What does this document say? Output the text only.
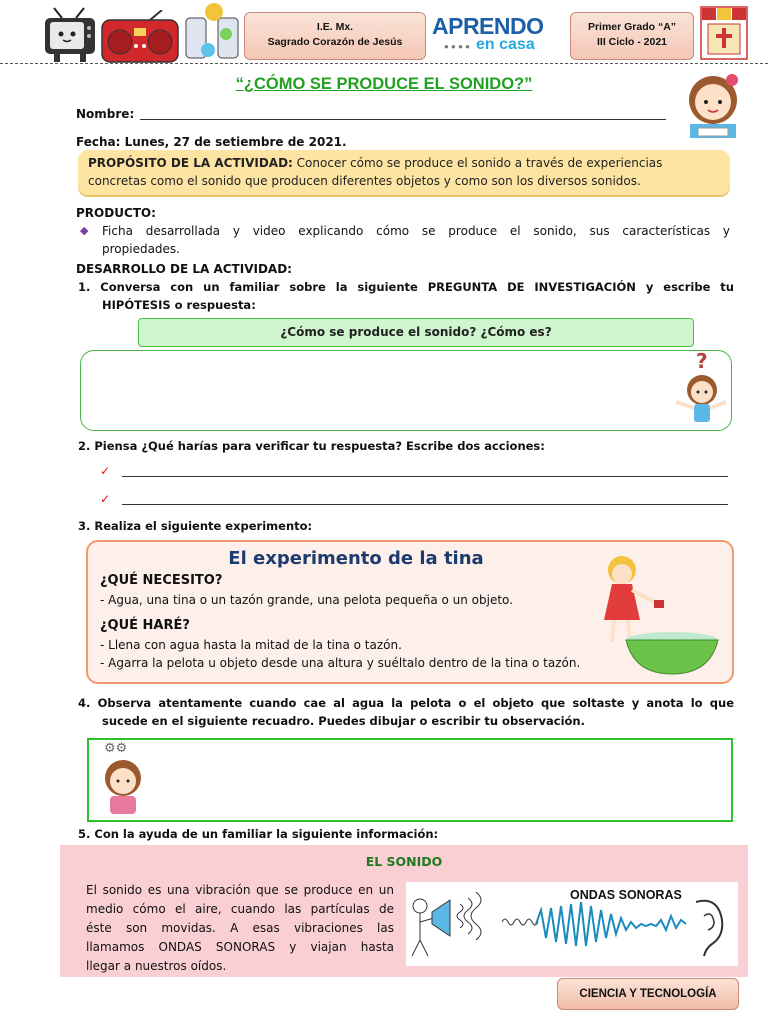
I.E. Mx.
Sagrado Corazón de Jesús
APRENDO
● ● ● ● en casa
Primer Grado “A”
III Ciclo - 2021
“¿CÓMO SE PRODUCE EL SONIDO?”
Nombre:
Fecha: Lunes, 27 de setiembre de 2021.
PROPÓSITO DE LA ACTIVIDAD: Conocer cómo se produce el sonido a través de experiencias
concretas como el sonido que producen diferentes objetos y como son los diversos sonidos.
PRODUCTO:
◆ Ficha desarrollada y video explicando cómo se produce el sonido, sus características y
propiedades.
DESARROLLO DE LA ACTIVIDAD:
1. Conversa con un familiar sobre la siguiente PREGUNTA DE INVESTIGACIÓN y escribe tu
HIPÓTESIS o respuesta:
¿Cómo se produce el sonido? ¿Cómo es?
?
2. Piensa ¿Qué harías para verificar tu respuesta? Escribe dos acciones:
✓
✓
3. Realiza el siguiente experimento:
El experimento de la tina
¿QUÉ NECESITO?
- Agua, una tina o un tazón grande, una pelota pequeña o un objeto.
¿QUÉ HARÉ?
- Llena con agua hasta la mitad de la tina o tazón.
- Agarra la pelota u objeto desde una altura y suéltalo dentro de la tina o tazón.
4. Observa atentamente cuando cae al agua la pelota o el objeto que soltaste y anota lo que
sucede en el siguiente recuadro. Puedes dibujar o escribir tu observación.
⚙⚙
5. Con la ayuda de un familiar la siguiente información:
EL SONIDO
El sonido es una vibración que se produce en un
medio cómo el aire, cuando las partículas de
éste son movidas. A esas vibraciones las
llamamos ONDAS SONORAS y viajan hasta
llegar a nuestros oídos.
ONDAS SONORAS
CIENCIA Y TECNOLOGÍA
